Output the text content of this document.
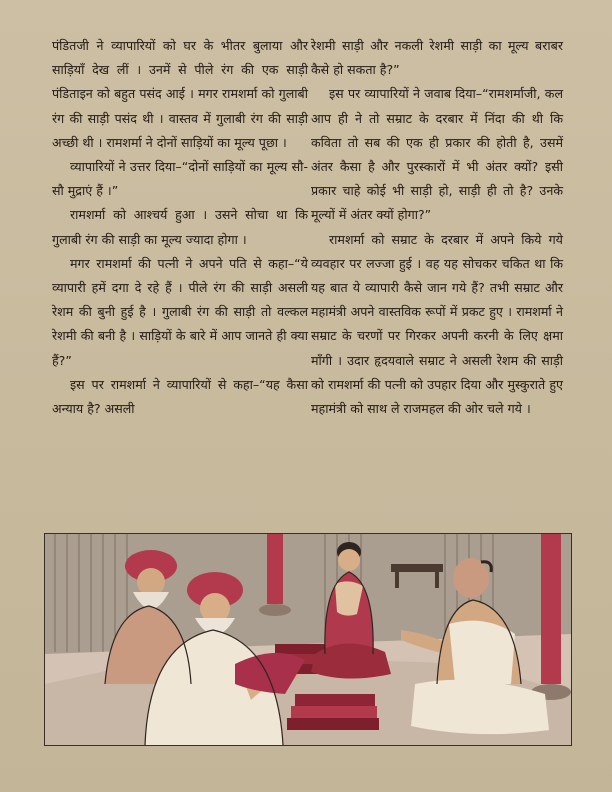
पंडितजी ने व्यापारियों को घर के भीतर बुलाया और साड़ियाँ देख लीं । उनमें से पीले रंग की एक साड़ी पंडिताइन को बहुत पसंद आई । मगर रामशर्मा को गुलाबी रंग की साड़ी पसंद थी । वास्तव में गुलाबी रंग की साड़ी अच्छी थी । रामशर्मा ने दोनों साड़ियों का मूल्य पूछा ।

व्यापारियों ने उत्तर दिया–“दोनों साड़ियों का मूल्य सौ-सौ मुद्राएं हैं ।”

रामशर्मा को आश्चर्य हुआ । उसने सोचा था कि गुलाबी रंग की साड़ी का मूल्य ज्यादा होगा ।

मगर रामशर्मा की पत्नी ने अपने पति से कहा–“ये व्यापारी हमें दगा दे रहे हैं । पीले रंग की साड़ी असली रेशम की बुनी हुई है । गुलाबी रंग की साड़ी तो वल्कल रेशमी की बनी है । साड़ियों के बारे में आप जानते ही क्या हैं?”

इस पर रामशर्मा ने व्यापारियों से कहा–“यह कैसा अन्याय है? असली

रेशमी साड़ी और नकली रेशमी साड़ी का मूल्य बराबर कैसे हो सकता है?”

इस पर व्यापारियों ने जवाब दिया–“रामशर्माजी, कल आप ही ने तो सम्राट के दरबार में निंदा की थी कि कविता तो सब की एक ही प्रकार की होती है, उसमें अंतर कैसा है और पुरस्कारों में भी अंतर क्यों? इसी प्रकार चाहे कोई भी साड़ी हो, साड़ी ही तो है? उनके मूल्यों में अंतर क्यों होगा?”

रामशर्मा को सम्राट के दरबार में अपने किये गये व्यवहार पर लज्जा हुई । वह यह सोचकर चकित था कि यह बात ये व्यापारी कैसे जान गये हैं? तभी सम्राट और महामंत्री अपने वास्तविक रूपों में प्रकट हुए । रामशर्मा ने सम्राट के चरणों पर गिरकर अपनी करनी के लिए क्षमा माँगी । उदार हृदयवाले सम्राट ने असली रेशम की साड़ी को रामशर्मा की पत्नी को उपहार दिया और मुस्कुराते हुए महामंत्री को साथ ले राजमहल की ओर चले गये ।
